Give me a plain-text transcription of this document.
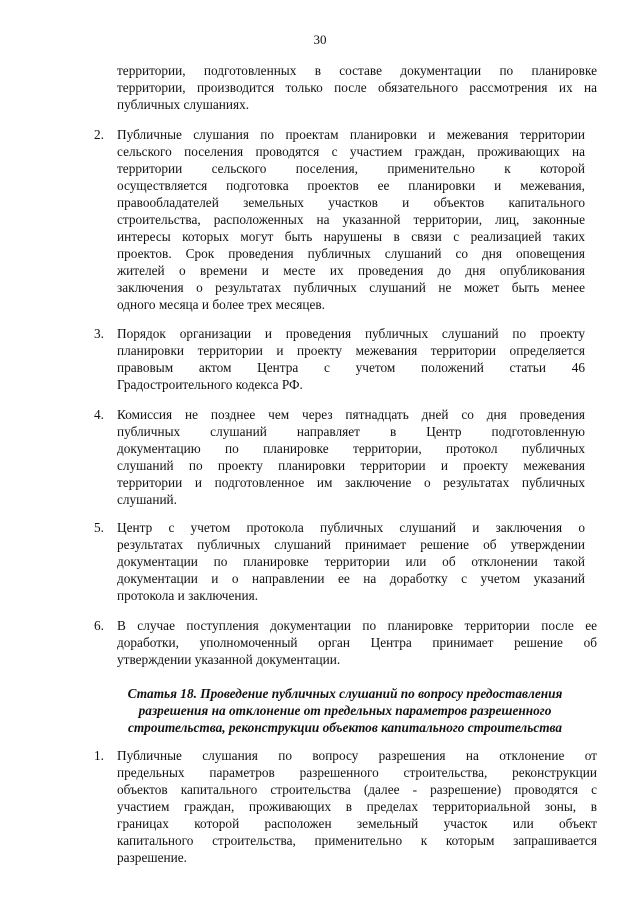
30
территории, подготовленных в составе документации по планировке
территории, производится только после обязательного рассмотрения их на
публичных слушаниях.
2. Публичные слушания по проектам планировки и межевания территории
сельского поселения проводятся с участием граждан, проживающих на
территории сельского поселения, применительно к которой
осуществляется подготовка проектов ее планировки и межевания,
правообладателей земельных участков и объектов капитального
строительства, расположенных на указанной территории, лиц, законные
интересы которых могут быть нарушены в связи с реализацией таких
проектов. Срок проведения публичных слушаний со дня оповещения
жителей о времени и месте их проведения до дня опубликования
заключения о результатах публичных слушаний не может быть менее
одного месяца и более трех месяцев.
3. Порядок организации и проведения публичных слушаний по проекту
планировки территории и проекту межевания территории определяется
правовым актом Центра с учетом положений статьи 46
Градостроительного кодекса РФ.
4. Комиссия не позднее чем через пятнадцать дней со дня проведения
публичных слушаний направляет в Центр подготовленную
документацию по планировке территории, протокол публичных
слушаний по проекту планировки территории и проекту межевания
территории и подготовленное им заключение о результатах публичных
слушаний.
5. Центр с учетом протокола публичных слушаний и заключения о
результатах публичных слушаний принимает решение об утверждении
документации по планировке территории или об отклонении такой
документации и о направлении ее на доработку с учетом указаний
протокола и заключения.
6. В случае поступления документации по планировке территории после ее
доработки, уполномоченный орган Центра принимает решение об
утверждении указанной документации.
Статья 18. Проведение публичных слушаний по вопросу предоставления
разрешения на отклонение от предельных параметров разрешенного
строительства, реконструкции объектов капитального строительства
1. Публичные слушания по вопросу разрешения на отклонение от
предельных параметров разрешенного строительства, реконструкции
объектов капитального строительства (далее - разрешение) проводятся с
участием граждан, проживающих в пределах территориальной зоны, в
границах которой расположен земельный участок или объект
капитального строительства, применительно к которым запрашивается
разрешение.
